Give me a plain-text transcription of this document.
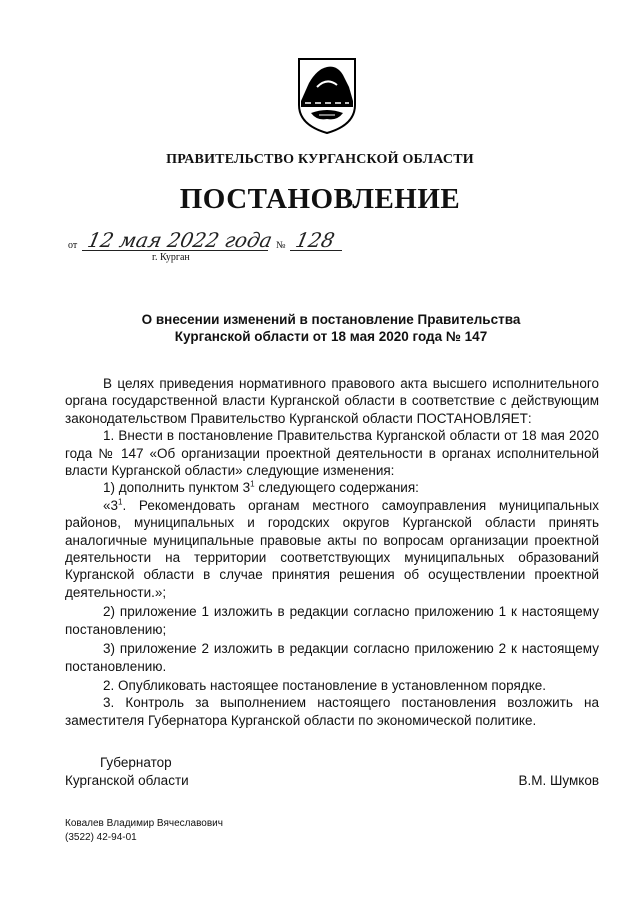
ПРАВИТЕЛЬСТВО КУРГАНСКОЙ ОБЛАСТИ
ПОСТАНОВЛЕНИЕ
от 12 мая 2022 года № 128
г. Курган
О внесении изменений в постановление Правительства
Курганской области от 18 мая 2020 года № 147

В целях приведения нормативного правового акта высшего исполнительного органа государственной власти Курганской области в соответствие с действующим законодательством Правительство Курганской области ПОСТАНОВЛЯЕТ:

1. Внести в постановление Правительства Курганской области от 18 мая 2020 года № 147 «Об организации проектной деятельности в органах исполнительной власти Курганской области» следующие изменения:

1) дополнить пунктом $3^1$ следующего содержания:

«$3^1$. Рекомендовать органам местного самоуправления муниципальных районов, муниципальных и городских округов Курганской области принять аналогичные муниципальные правовые акты по вопросам организации проектной деятельности на территории соответствующих муниципальных образований Курганской области в случае принятия решения об осуществлении проектной деятельности.»;

2) приложение 1 изложить в редакции согласно приложению 1 к настоящему постановлению;

3) приложение 2 изложить в редакции согласно приложению 2 к настоящему постановлению.

2. Опубликовать настоящее постановление в установленном порядке.

3. Контроль за выполнением настоящего постановления возложить на заместителя Губернатора Курганской области по экономической политике.

Губернатор
Курганской области	В.М. Шумков
Ковалев Владимир Вячеславович
(3522) 42-94-01
